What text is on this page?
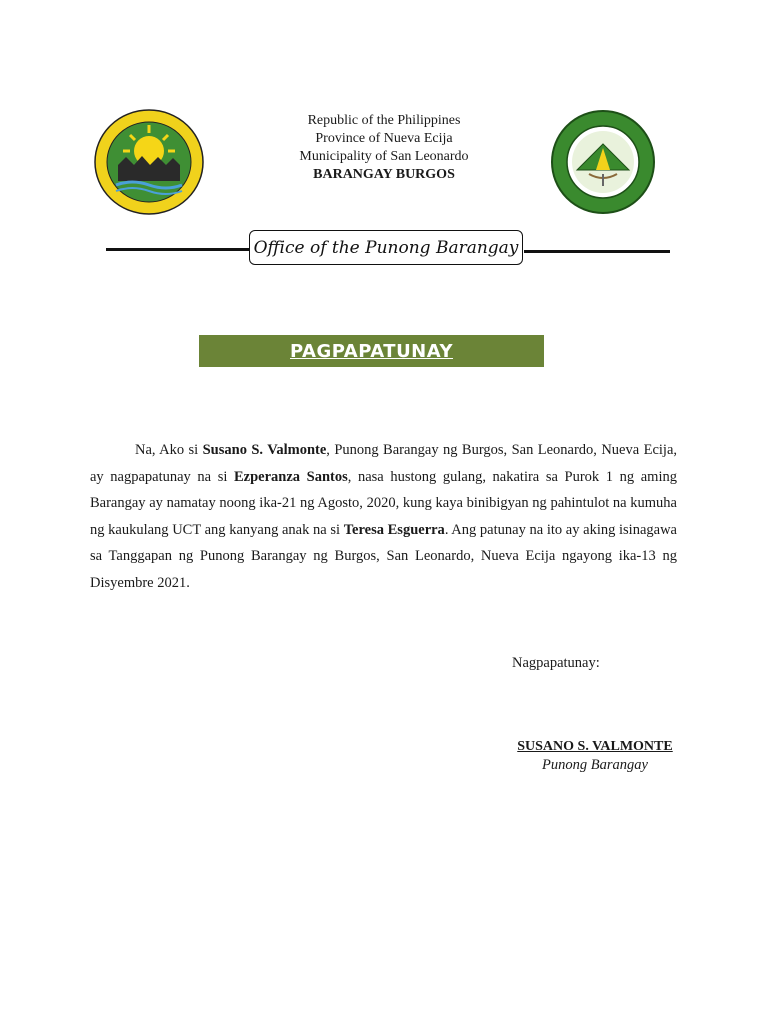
Republic of the Philippines
Province of Nueva Ecija
Municipality of San Leonardo
BARANGAY BURGOS
Office of the Punong Barangay
PAGPAPATUNAY

Na, Ako si Susano S. Valmonte, Punong Barangay ng Burgos, San Leonardo, Nueva Ecija, ay nagpapatunay na si Ezperanza Santos, nasa hustong gulang, nakatira sa Purok 1 ng aming Barangay ay namatay noong ika-21 ng Agosto, 2020, kung kaya binibigyan ng pahintulot na kumuha ng kaukulang UCT ang kanyang anak na si Teresa Esguerra. Ang patunay na ito ay aking isinagawa sa Tanggapan ng Punong Barangay ng Burgos, San Leonardo, Nueva Ecija ngayong ika-13 ng Disyembre 2021.

Nagpapatunay:
SUSANO S. VALMONTE
Punong Barangay
